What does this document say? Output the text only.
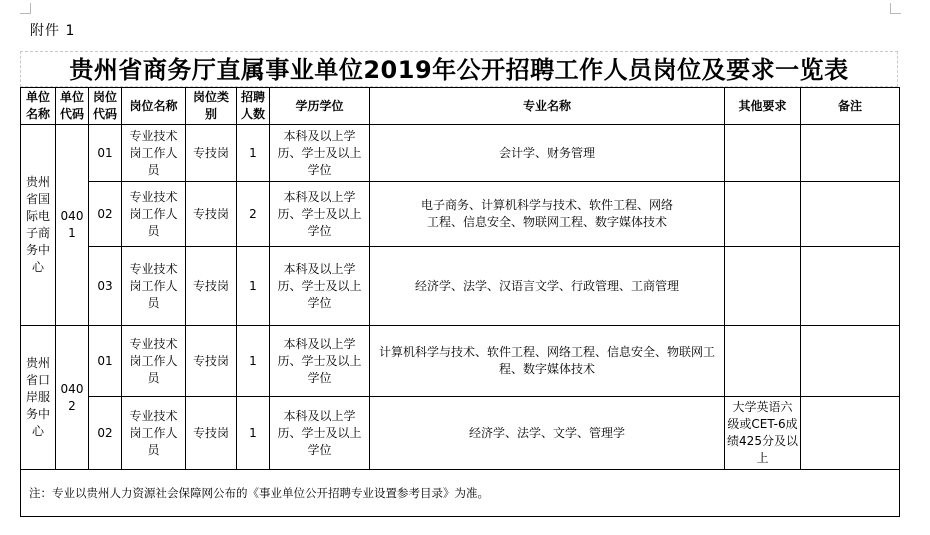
附件 1
贵州省商务厅直属事业单位2019年公开招聘工作人员岗位及要求一览表
单位名称	单位代码	岗位代码	岗位名称	岗位类别	招聘人数	学历学位	专业名称	其他要求	备注
贵州省国际电子商务中心	0401	01	专业技术岗工作人员	专技岗	1	本科及以上学历、学士及以上学位	会计学、财务管理		
		02	专业技术岗工作人员	专技岗	2	本科及以上学历、学士及以上学位	电子商务、计算机科学与技术、软件工程、网络工程、信息安全、物联网工程、数字媒体技术		
		03	专业技术岗工作人员	专技岗	1	本科及以上学历、学士及以上学位	经济学、法学、汉语言文学、行政管理、工商管理		
贵州省口岸服务中心	0402	01	专业技术岗工作人员	专技岗	1	本科及以上学历、学士及以上学位	计算机科学与技术、软件工程、网络工程、信息安全、物联网工程、数字媒体技术		
		02	专业技术岗工作人员	专技岗	1	本科及以上学历、学士及以上学位	经济学、法学、文学、管理学	大学英语六级或CET-6成绩425分及以上	
注：专业以贵州人力资源社会保障网公布的《事业单位公开招聘专业设置参考目录》为准。									
